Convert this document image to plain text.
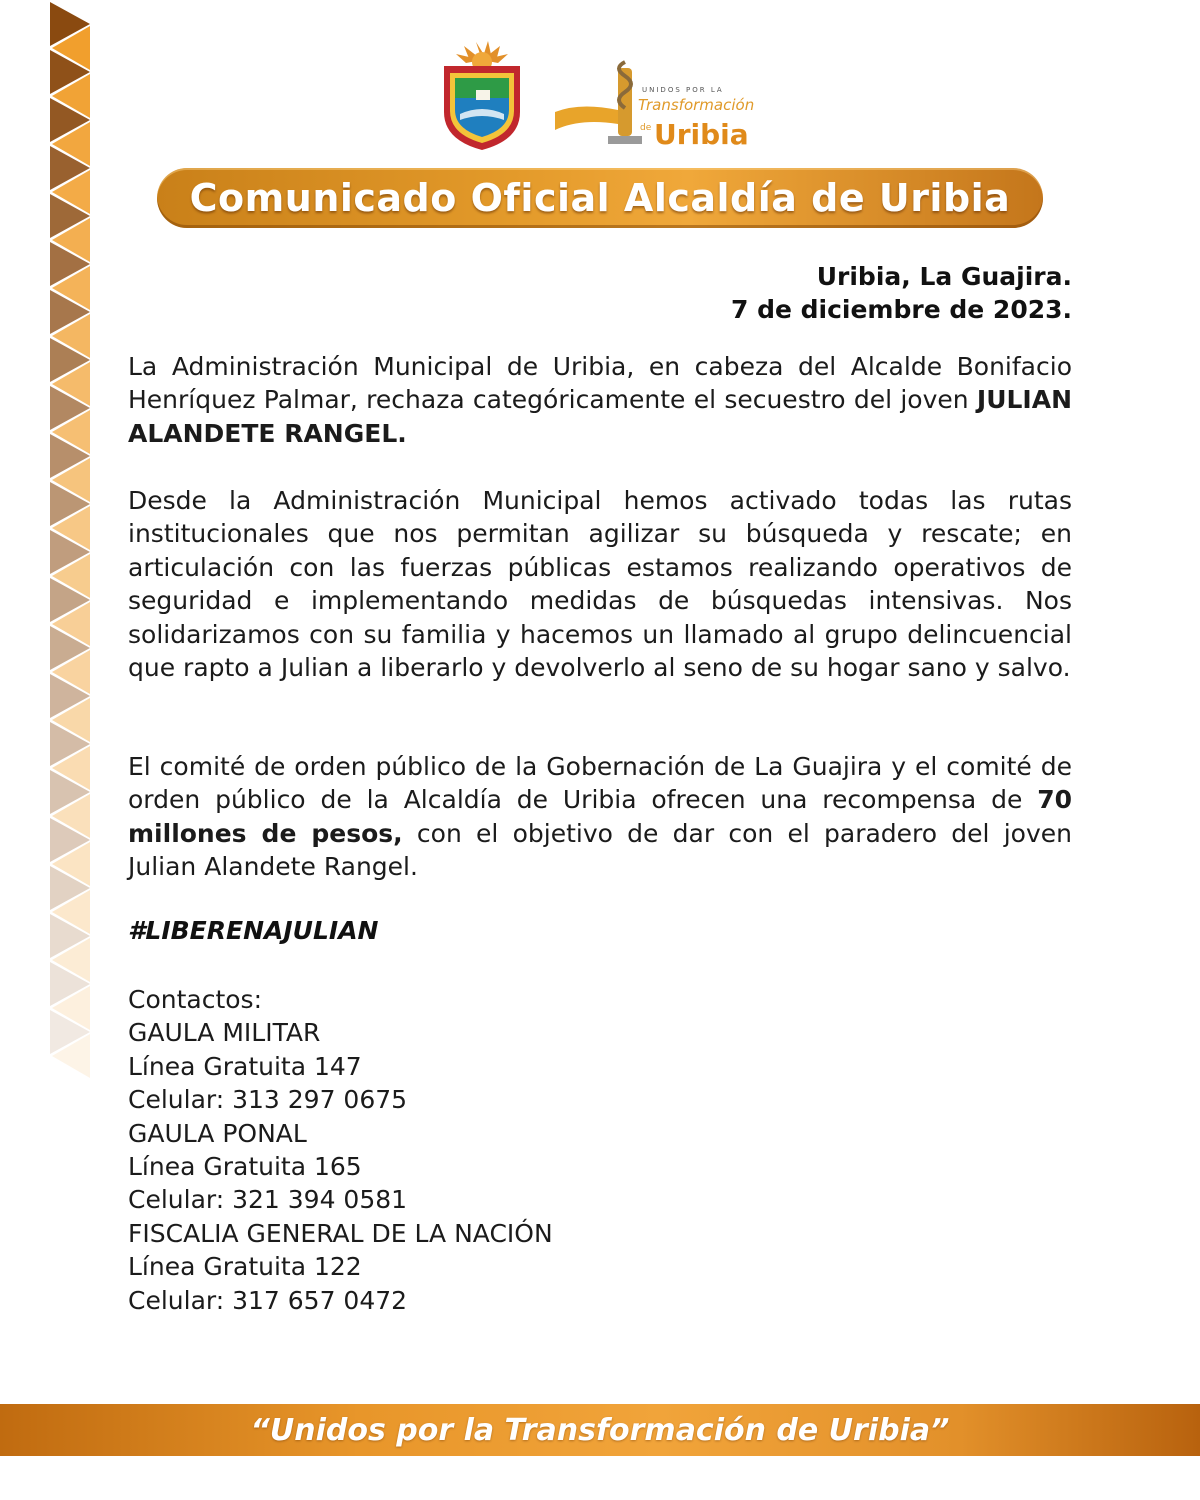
UNIDOS POR LA
Transformación
de Uribia
Comunicado Oficial Alcaldía de Uribia
Uribia, La Guajira.
7 de diciembre de 2023.
La Administración Municipal de Uribia, en cabeza del Alcalde Bonifacio Henríquez Palmar, rechaza categóricamente el secuestro del joven JULIAN ALANDETE RANGEL.
Desde la Administración Municipal hemos activado todas las rutas institucionales que nos permitan agilizar su búsqueda y rescate; en articulación con las fuerzas públicas estamos realizando operativos de seguridad e implementando medidas de búsquedas intensivas. Nos solidarizamos con su familia y hacemos un llamado al grupo delincuencial que rapto a Julian a liberarlo y devolverlo al seno de su hogar sano y salvo.
El comité de orden público de la Gobernación de La Guajira y el comité de orden público de la Alcaldía de Uribia ofrecen una recompensa de 70 millones de pesos, con el objetivo de dar con el paradero del joven Julian Alandete Rangel.
#LIBERENAJULIAN
Contactos:
GAULA MILITAR
Línea Gratuita 147
Celular: 313 297 0675
GAULA PONAL
Línea Gratuita 165
Celular: 321 394 0581
FISCALIA GENERAL DE LA NACIÓN
Línea Gratuita 122
Celular: 317 657 0472
“Unidos por la Transformación de Uribia”
